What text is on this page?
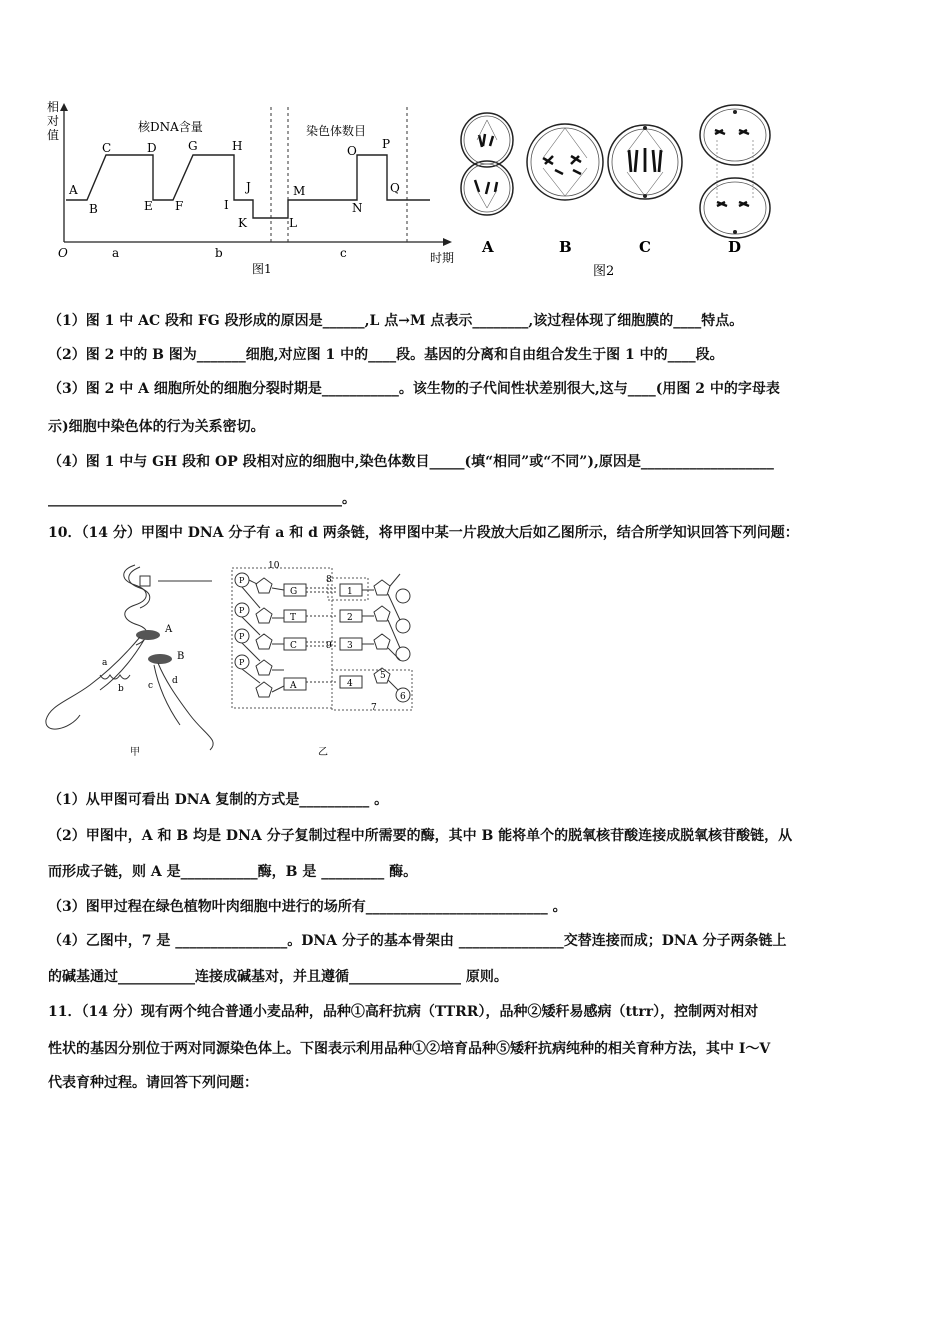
相
对
值
O	时期
核DNA含量	染色体数目
A
B
C	D
E F
G	H
I
J
K	L
M
N
O P
Q
a	b	c
图1
A	B	C	D
图2
（1）图 1 中 AC 段和 FG 段形成的原因是______,L 点→M 点表示________,该过程体现了细胞膜的____特点。
（2）图 2 中的 B 图为_______细胞,对应图 1 中的____段。基因的分离和自由组合发生于图 1 中的____段。
（3）图 2 中 A 细胞所处的细胞分裂时期是___________。该生物的子代间性状差别很大,这与____(用图 2 中的字母表
示)细胞中染色体的行为关系密切。
（4）图 1 中与 GH 段和 OP 段相对应的细胞中,染色体数目_____(填“相同”或“不同”),原因是___________________
__________________________________________。
10．（14 分）甲图中 DNA 分子有 a 和 d 两条链，将甲图中某一片段放大后如乙图所示，结合所学知识回答下列问题：
A
B
a
b	c d
甲
10
8
7
G
T
C
A
9
1
2
3
4
5
6
P
P
P
P
乙
（1）从甲图可看出 DNA 复制的方式是__________ 。
（2）甲图中，A 和 B 均是 DNA 分子复制过程中所需要的酶，其中 B 能将单个的脱氧核苷酸连接成脱氧核苷酸链，从
而形成子链，则 A 是___________酶，B 是 _________ 酶。
（3）图甲过程在绿色植物叶肉细胞中进行的场所有__________________________ 。
（4）乙图中，7 是 ________________。DNA 分子的基本骨架由 _______________交替连接而成；DNA 分子两条链上
的碱基通过___________连接成碱基对，并且遵循________________ 原则。
11．（14 分）现有两个纯合普通小麦品种，品种①高秆抗病（TTRR），品种②矮秆易感病（ttrr），控制两对相对
性状的基因分别位于两对同源染色体上。下图表示利用品种①②培育品种⑤矮秆抗病纯种的相关育种方法，其中 I～V
代表育种过程。请回答下列问题：
